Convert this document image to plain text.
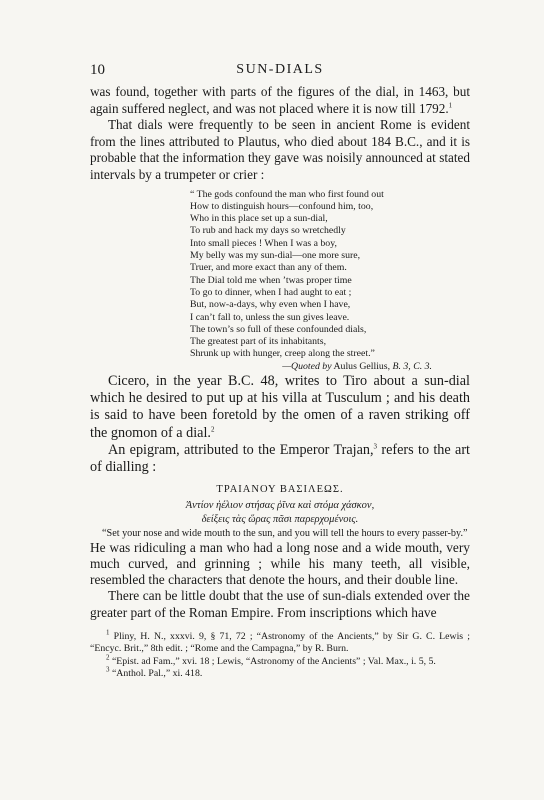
10	SUN-DIALS

was found, together with parts of the figures of the dial, in 1463, but again suffered neglect, and was not placed where it is now till 1792.$^1$

That dials were frequently to be seen in ancient Rome is evident from the lines attributed to Plautus, who died about 184 B.C., and it is probable that the information they gave was noisily announced at stated intervals by a trumpeter or crier :

“ The gods confound the man who first found out
How to distinguish hours—confound him, too,
Who in this place set up a sun-dial,
To rub and hack my days so wretchedly
Into small pieces ! When I was a boy,
My belly was my sun-dial—one more sure,
Truer, and more exact than any of them.
The Dial told me when ’twas proper time
To go to dinner, when I had aught to eat ;
But, now-a-days, why even when I have,
I can’t fall to, unless the sun gives leave.
The town’s so full of these confounded dials,
The greatest part of its inhabitants,
Shrunk up with hunger, creep along the street.”
—Quoted by Aulus Gellius, B. 3, C. 3.

Cicero, in the year B.C. 48, writes to Tiro about a sun-dial which he desired to put up at his villa at Tusculum ; and his death is said to have been foretold by the omen of a raven striking off the gnomon of a dial.$^2$

An epigram, attributed to the Emperor Trajan,$^3$ refers to the art of dialling :

ΤΡΑΙΑΝΟΥ ΒΑΣΙΛΕΩΣ.
Ἀντίον ἠέλιον στήσας ῥῖνα καὶ στόμα χάσκον,
δείξεις τὰς ὥρας πᾶσι παρερχομένοις.

“Set your nose and wide mouth to the sun, and you will tell the hours to every passer-by.”

He was ridiculing a man who had a long nose and a wide mouth, very much curved, and grinning ; while his many teeth, all visible, resembled the characters that denote the hours, and their double line.

There can be little doubt that the use of sun-dials extended over the greater part of the Roman Empire. From inscriptions which have

$^1$ Pliny, H. N., xxxvi. 9, § 71, 72 ; “Astronomy of the Ancients,” by Sir G. C. Lewis ; “Encyc. Brit.,” 8th edit. ; “Rome and the Campagna,” by R. Burn.

$^2$ “Epist. ad Fam.,” xvi. 18 ; Lewis, “Astronomy of the Ancients” ; Val. Max., i. 5, 5.

$^3$ “Anthol. Pal.,” xi. 418.
